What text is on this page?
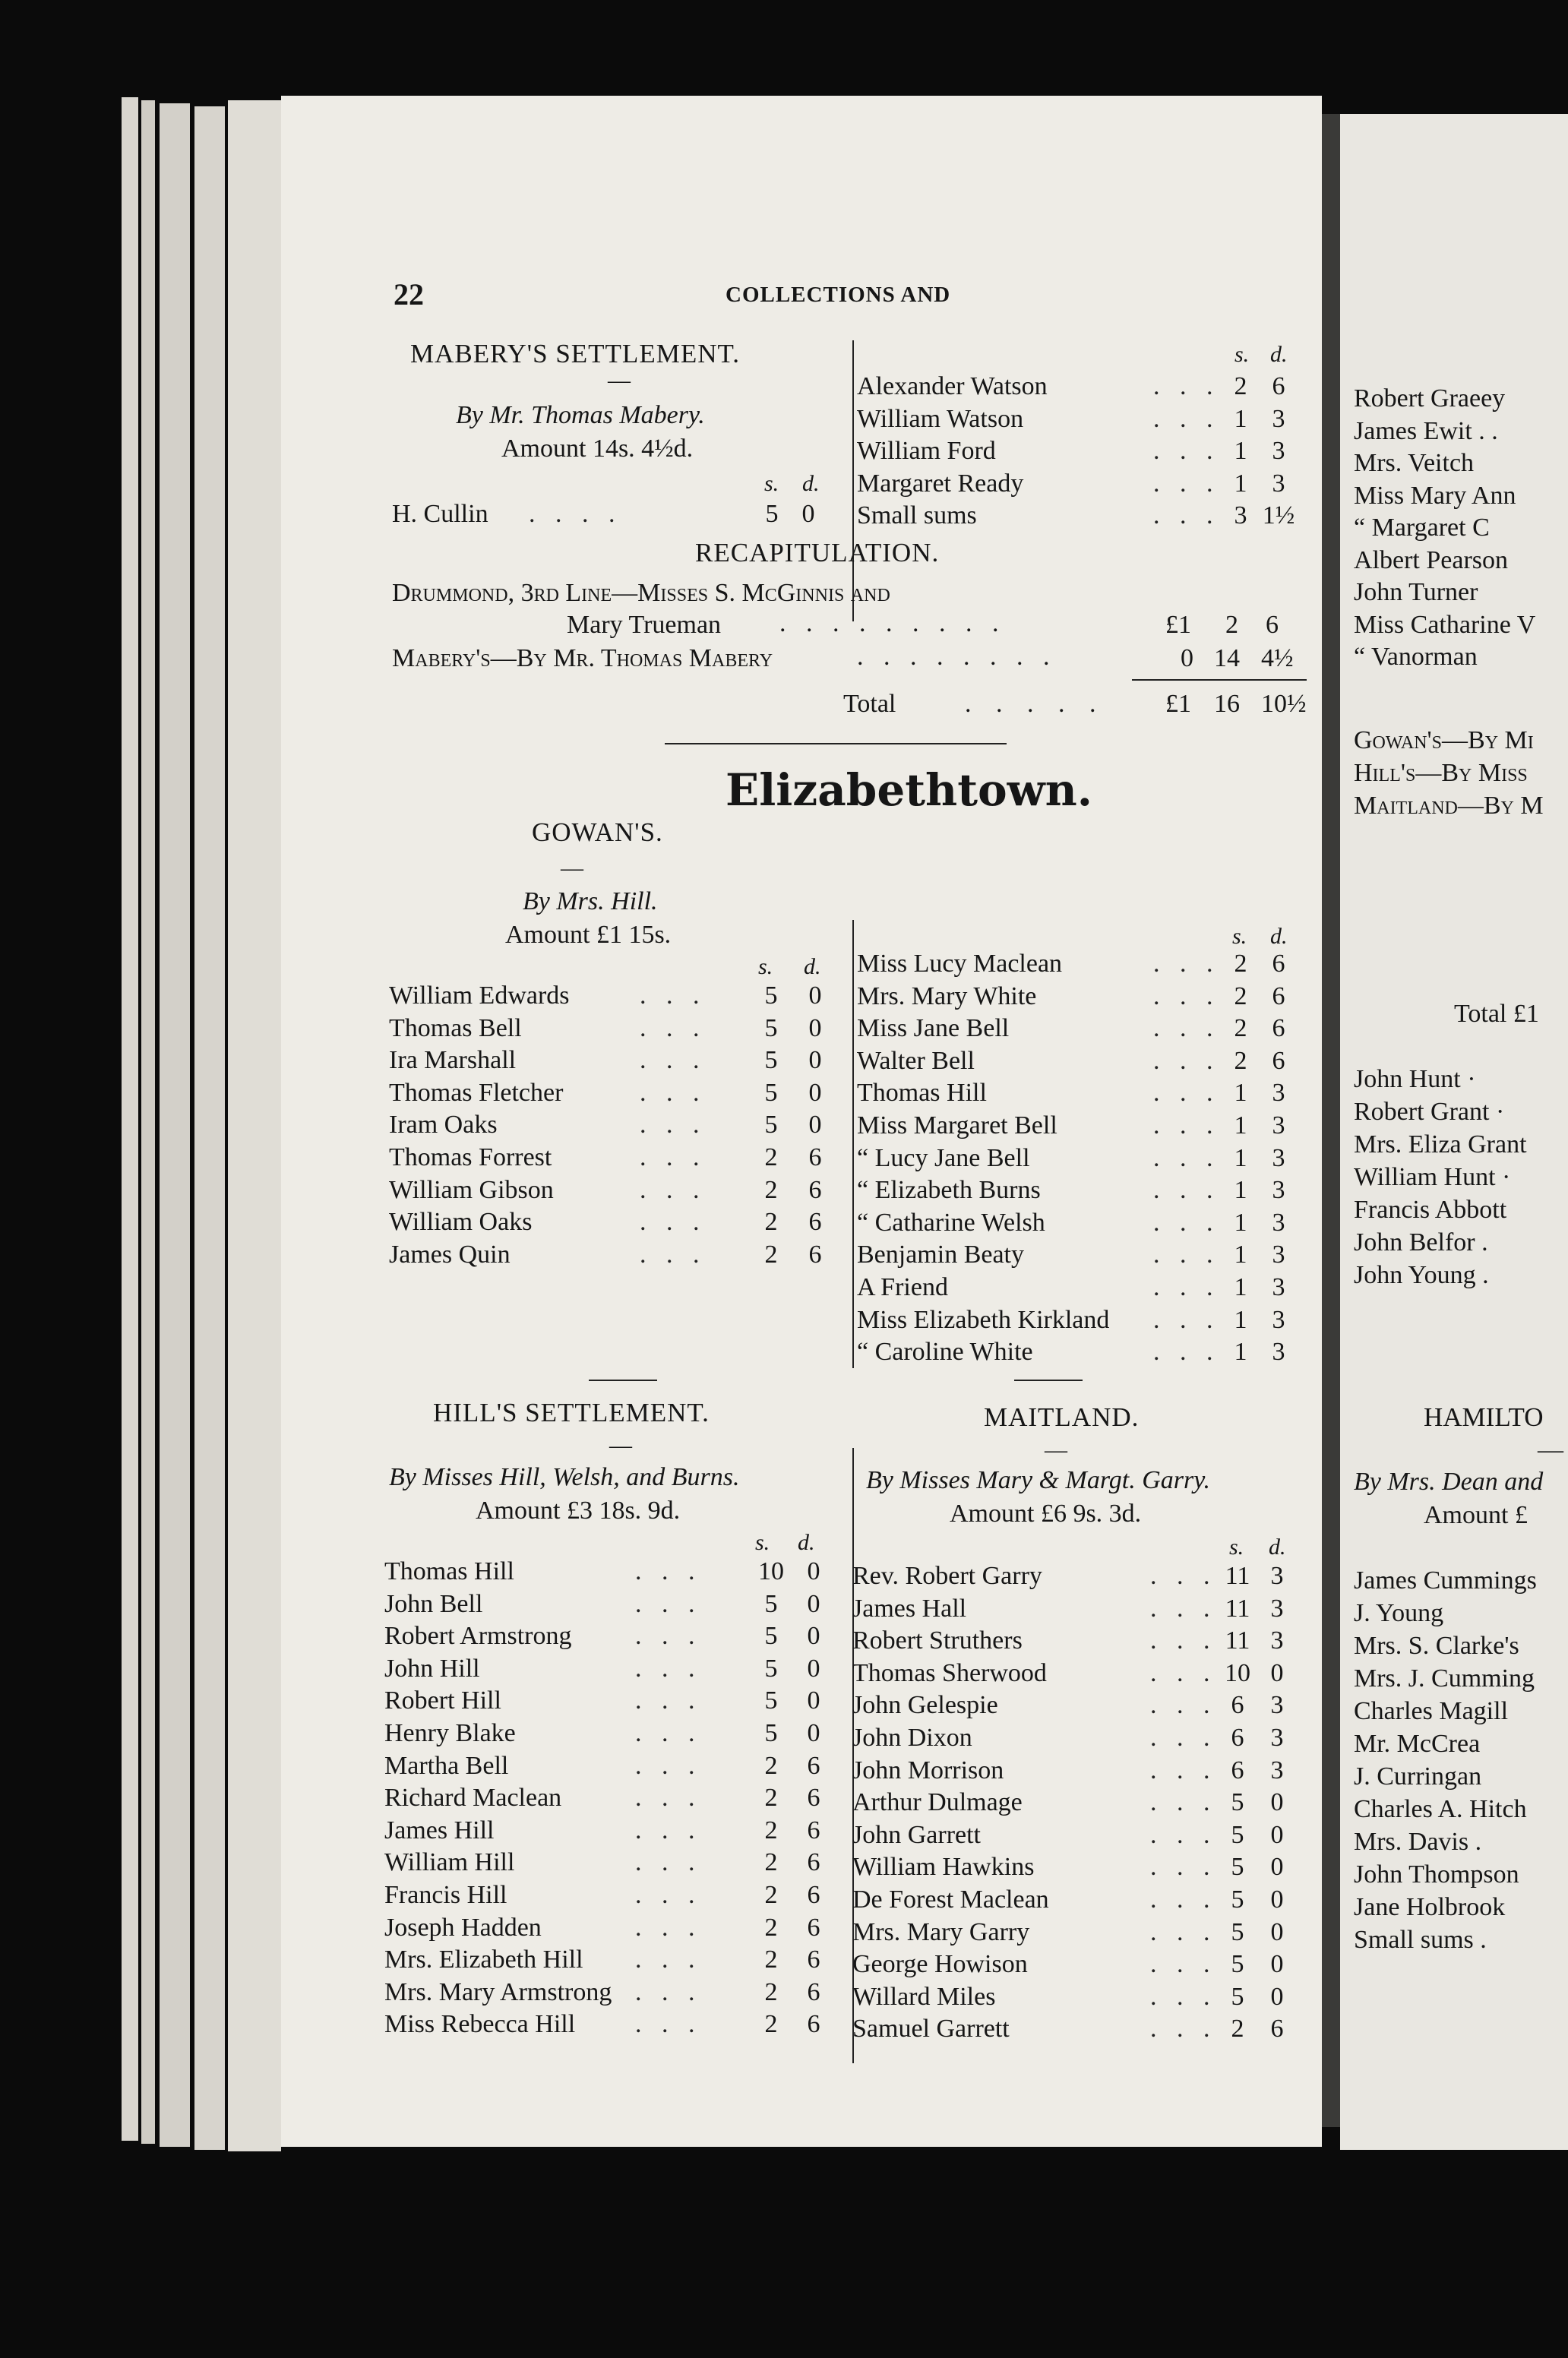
22	COLLECTIONS AND
MABERY'S SETTLEMENT.
—
By Mr. Thomas Mabery.
Amount 14s. 4½d.
s. d.
H. Cullin . . . .	5 0
s. d.
Alexander Watson	. . . 2 6
William Watson	. . . 1 3
William Ford	. . . 1 3
Margaret Ready	. . . 1 3
Small sums	. . . 3 1½
RECAPITULATION.
Drummond, 3rd Line—Misses S. McGinnis and
Mary Trueman . . . . . . . . .	£1 2 6
Mabery's—By Mr. Thomas Mabery	. . . . . . . .	0 14 4½
Total	. . . . . £1 16 10½
Elizabethtown.
GOWAN'S.
—
By Mrs. Hill.
Amount £1 15s.
s. d.
William Edwards	. . .	5	0
Thomas Bell	. . .	5	0
Ira Marshall	. . .	5	0
Thomas Fletcher	. . .	5	0
Iram Oaks	. . .	5	0
Thomas Forrest	. . .	2	6
William Gibson	. . .	2	6
William Oaks	. . .	2	6
James Quin	. . .	2	6
s. d.
Miss Lucy Maclean	. . . 2 6
Mrs. Mary White	. . . 2 6
Miss Jane Bell	. . . 2 6
Walter Bell	. . . 2 6
Thomas Hill	. . . 1 3
Miss Margaret Bell	. . . 1 3
“ Lucy Jane Bell	. . . 1 3
“ Elizabeth Burns	. . . 1 3
“ Catharine Welsh	. . . 1 3
Benjamin Beaty	. . . 1 3
A Friend	. . . 1 3
Miss Elizabeth Kirkland . . . 1 3
“ Caroline White	. . . 1 3
HILL'S SETTLEMENT.
—
By Misses Hill, Welsh, and Burns.
Amount £3 18s. 9d.
s. d.
Thomas Hill	. . . 10 0
John Bell	. . .	5	0
Robert Armstrong . . .	5	0
John Hill	. . .	5	0
Robert Hill	. . .	5	0
Henry Blake	. . .	5	0
Martha Bell	. . .	2	6
Richard Maclean	. . .	2	6
James Hill	. . .	2	6
William Hill	. . .	2	6
Francis Hill	. . .	2	6
Joseph Hadden	. . .	2	6
Mrs. Elizabeth Hill . . .	2	6
Mrs. Mary Armstrong . . .	2	6
Miss Rebecca Hill . . .	2	6
MAITLAND.
—
By Misses Mary & Margt. Garry.
Amount £6 9s. 3d.
s. d.
Rev. Robert Garry	. . . 11 3
James Hall	. . . 11 3
Robert Struthers	. . . 11 3
Thomas Sherwood	. . . 10 0
John Gelespie	. . . 6	3
John Dixon	. . . 6	3
John Morrison	. . . 6	3
Arthur Dulmage	. . . 5	0
John Garrett	. . . 5	0
William Hawkins	. . . 5	0
De Forest Maclean	. . . 5	0
Mrs. Mary Garry	. . . 5	0
George Howison	. . . 5	0
Willard Miles	. . . 5	0
Samuel Garrett	. . . 2	6
Robert Graeey
James Ewit . .
Mrs. Veitch
Miss Mary Ann
“ Margaret C
Albert Pearson
John Turner
Miss Catharine V
“ Vanorman
Gowan's—By Mi
Hill's—By Miss
Maitland—By M
Total £1
John Hunt ·
Robert Grant ·
Mrs. Eliza Grant
William Hunt ·
Francis Abbott
John Belfor .
John Young .
HAMILTO
—
By Mrs. Dean and
Amount £
James Cummings
J. Young
Mrs. S. Clarke's
Mrs. J. Cumming
Charles Magill
Mr. McCrea
J. Curringan
Charles A. Hitch
Mrs. Davis .
John Thompson
Jane Holbrook
Small sums .
